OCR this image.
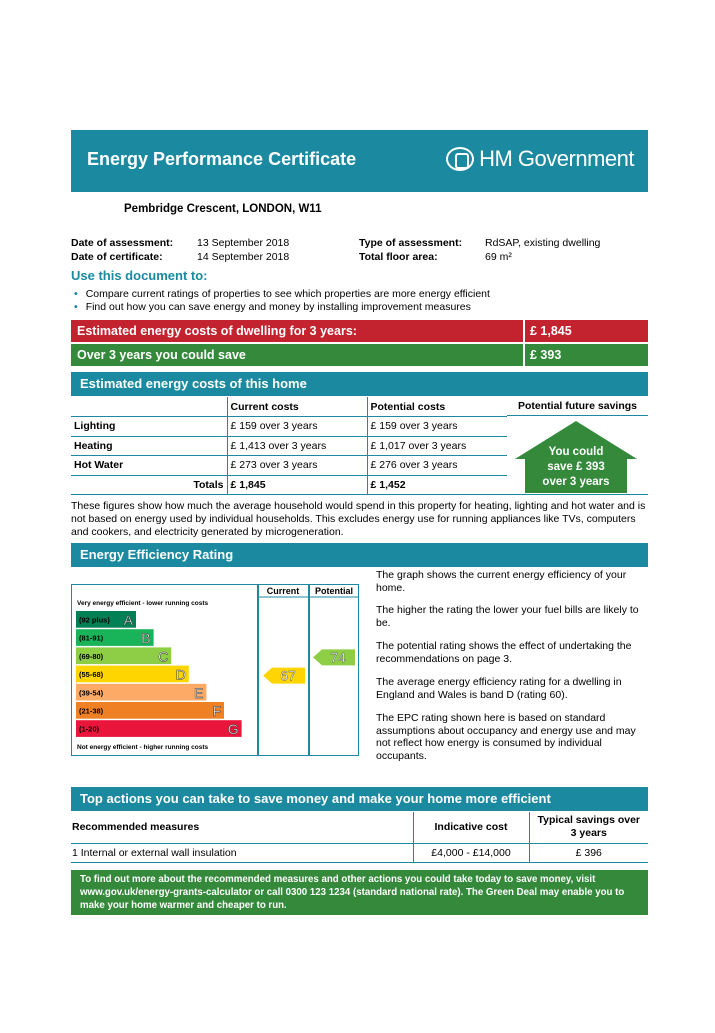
Energy Performance Certificate	HM Government
Pembridge Crescent, LONDON, W11
Date of assessment: 13 September 2018
Date of certificate:	14 September 2018
Type of assessment: RdSAP, existing dwelling
Total floor area:	69 m²
Use this document to:
• Compare current ratings of properties to see which properties are more energy efficient
• Find out how you can save energy and money by installing improvement measures
Estimated energy costs of dwelling for 3 years:	£ 1,845
Over 3 years you could save	£ 393
Estimated energy costs of this home
	Current costs	Potential costs
Lighting	£ 159 over 3 years	£ 159 over 3 years
Heating	£ 1,413 over 3 years	£ 1,017 over 3 years
Hot Water	£ 273 over 3 years	£ 276 over 3 years
Totals	£ 1,845	£ 1,452
Potential future savings
You could
save £ 393
over 3 years
These figures show how much the average household would spend in this property for heating, lighting and hot water and is not based on energy used by individual households. This excludes energy use for running appliances like TVs, computers and cookers, and electricity generated by microgeneration.
Energy Efficiency Rating
Current Potential
Very energy efficient - lower running costs
Not energy efficient - higher running costs
(92 plus) A
(81-91)	B
(69-80)	C
(55-68)	D
(39-54)	E
(21-38)	F
(1-20)	G
67
74
The graph shows the current energy efficiency of your home.
The higher the rating the lower your fuel bills are likely to be.
The potential rating shows the effect of undertaking the recommendations on page 3.
The average energy efficiency rating for a dwelling in England and Wales is band D (rating 60).
The EPC rating shown here is based on standard assumptions about occupancy and energy use and may not reflect how energy is consumed by individual occupants.
Top actions you can take to save money and make your home more efficient
Recommended measures	Indicative cost	Typical savings over 3 years
1 Internal or external wall insulation	£4,000 - £14,000	£ 396
To find out more about the recommended measures and other actions you could take today to save money, visit www.gov.uk/energy-grants-calculator or call 0300 123 1234 (standard national rate). The Green Deal may enable you to make your home warmer and cheaper to run.
